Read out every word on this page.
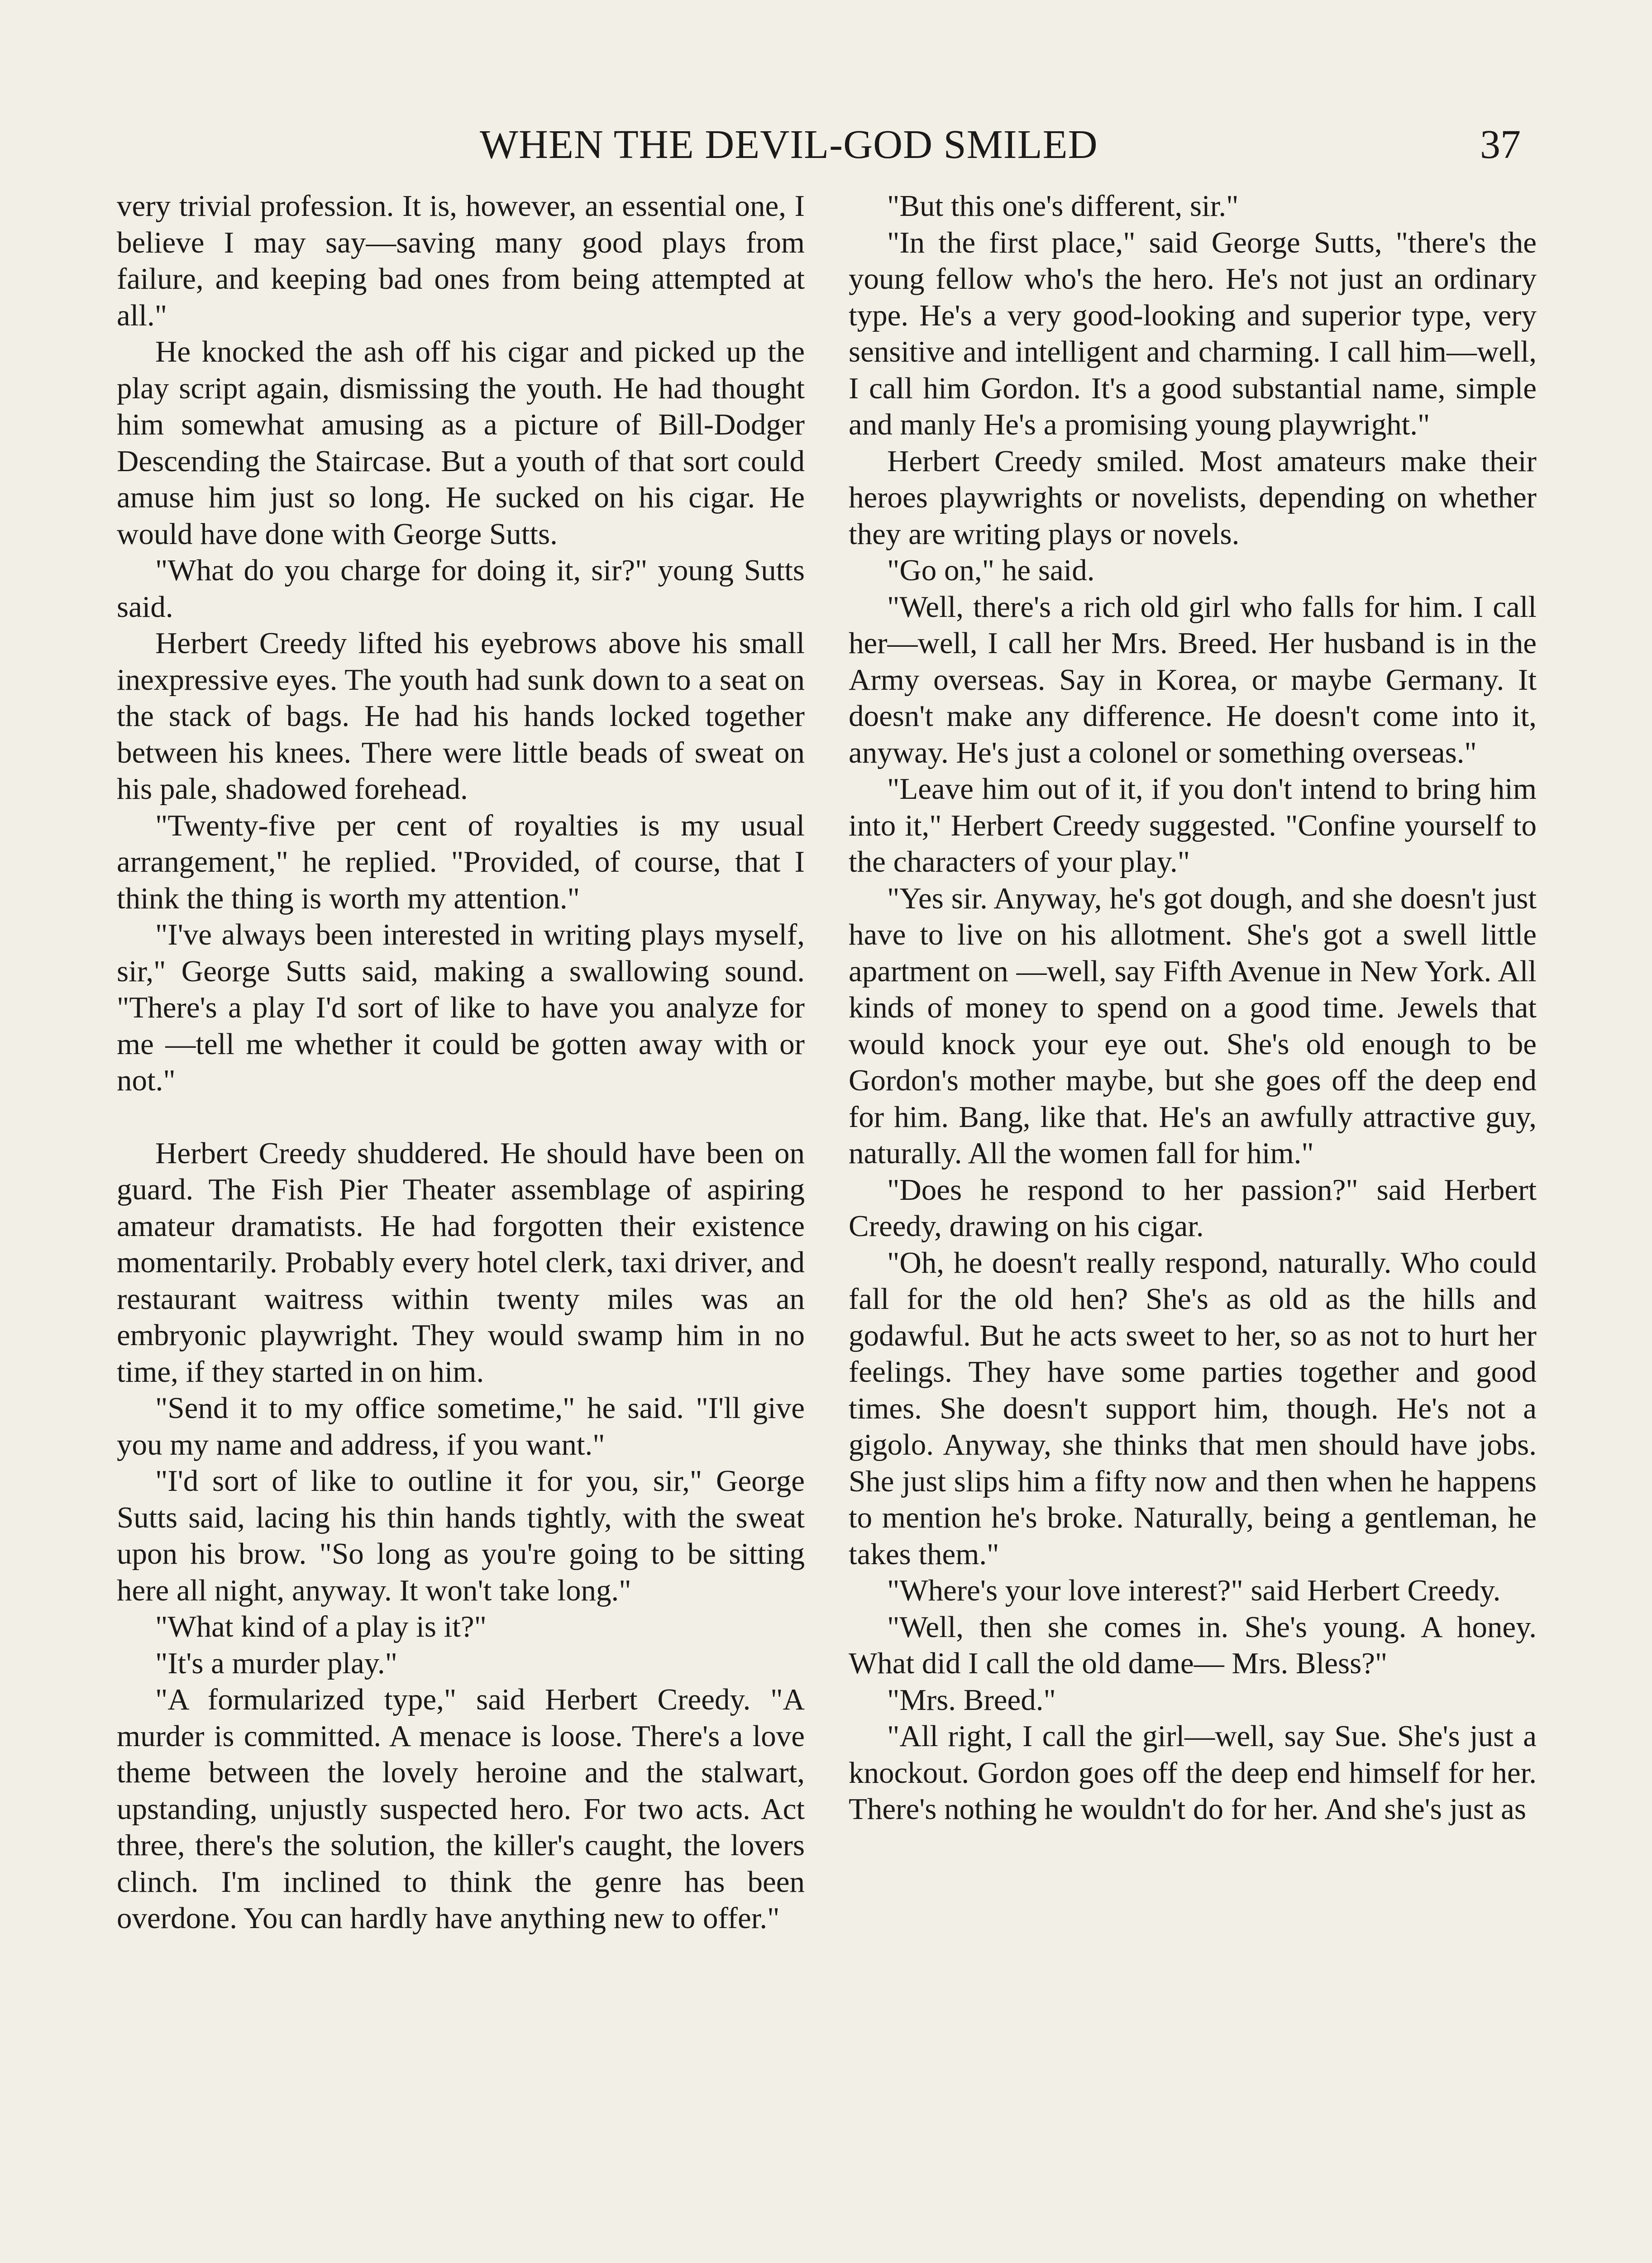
WHEN THE DEVIL-GOD SMILED	37

very trivial profession. It is, however, an essential one, I believe I may say—saving many good plays from failure, and keeping bad ones from being attempted at all."

He knocked the ash off his cigar and picked up the play script again, dismissing the youth. He had thought him somewhat amusing as a picture of Bill-Dodger Descending the Staircase. But a youth of that sort could amuse him just so long. He sucked on his cigar. He would have done with George Sutts.

"What do you charge for doing it, sir?" young Sutts said.

Herbert Creedy lifted his eyebrows above his small inexpressive eyes. The youth had sunk down to a seat on the stack of bags. He had his hands locked together between his knees. There were little beads of sweat on his pale, shadowed forehead.

"Twenty-five per cent of royalties is my usual arrangement," he replied. "Provided, of course, that I think the thing is worth my attention."

"I've always been interested in writing plays myself, sir," George Sutts said, making a swallowing sound. "There's a play I'd sort of like to have you analyze for me —tell me whether it could be gotten away with or not."

Herbert Creedy shuddered. He should have been on guard. The Fish Pier Theater assemblage of aspiring amateur dramatists. He had forgotten their existence momentarily. Probably every hotel clerk, taxi driver, and restaurant waitress within twenty miles was an embryonic playwright. They would swamp him in no time, if they started in on him.

"Send it to my office sometime," he said. "I'll give you my name and address, if you want."

"I'd sort of like to outline it for you, sir," George Sutts said, lacing his thin hands tightly, with the sweat upon his brow. "So long as you're going to be sitting here all night, anyway. It won't take long."

"What kind of a play is it?"

"It's a murder play."

"A formularized type," said Herbert Creedy. "A murder is committed. A menace is loose. There's a love theme between the lovely heroine and the stalwart, upstanding, unjustly suspected hero. For two acts. Act three, there's the solution, the killer's caught, the lovers clinch. I'm inclined to think the genre has been overdone. You can hardly have anything new to offer."

"But this one's different, sir."

"In the first place," said George Sutts, "there's the young fellow who's the hero. He's not just an ordinary type. He's a very good-looking and superior type, very sensitive and intelligent and charming. I call him—well, I call him Gordon. It's a good substantial name, simple and manly He's a promising young playwright."

Herbert Creedy smiled. Most amateurs make their heroes playwrights or novelists, depending on whether they are writing plays or novels.

"Go on," he said.

"Well, there's a rich old girl who falls for him. I call her—well, I call her Mrs. Breed. Her husband is in the Army overseas. Say in Korea, or maybe Germany. It doesn't make any difference. He doesn't come into it, anyway. He's just a colonel or something overseas."

"Leave him out of it, if you don't intend to bring him into it," Herbert Creedy suggested. "Confine yourself to the characters of your play."

"Yes sir. Anyway, he's got dough, and she doesn't just have to live on his allotment. She's got a swell little apartment on —well, say Fifth Avenue in New York. All kinds of money to spend on a good time. Jewels that would knock your eye out. She's old enough to be Gordon's mother maybe, but she goes off the deep end for him. Bang, like that. He's an awfully attractive guy, naturally. All the women fall for him."

"Does he respond to her passion?" said Herbert Creedy, drawing on his cigar.

"Oh, he doesn't really respond, naturally. Who could fall for the old hen? She's as old as the hills and godawful. But he acts sweet to her, so as not to hurt her feelings. They have some parties together and good times. She doesn't support him, though. He's not a gigolo. Anyway, she thinks that men should have jobs. She just slips him a fifty now and then when he happens to mention he's broke. Naturally, being a gentleman, he takes them."

"Where's your love interest?" said Herbert Creedy.

"Well, then she comes in. She's young. A honey. What did I call the old dame— Mrs. Bless?"

"Mrs. Breed."

"All right, I call the girl—well, say Sue. She's just a knockout. Gordon goes off the deep end himself for her. There's nothing he wouldn't do for her. And she's just as
